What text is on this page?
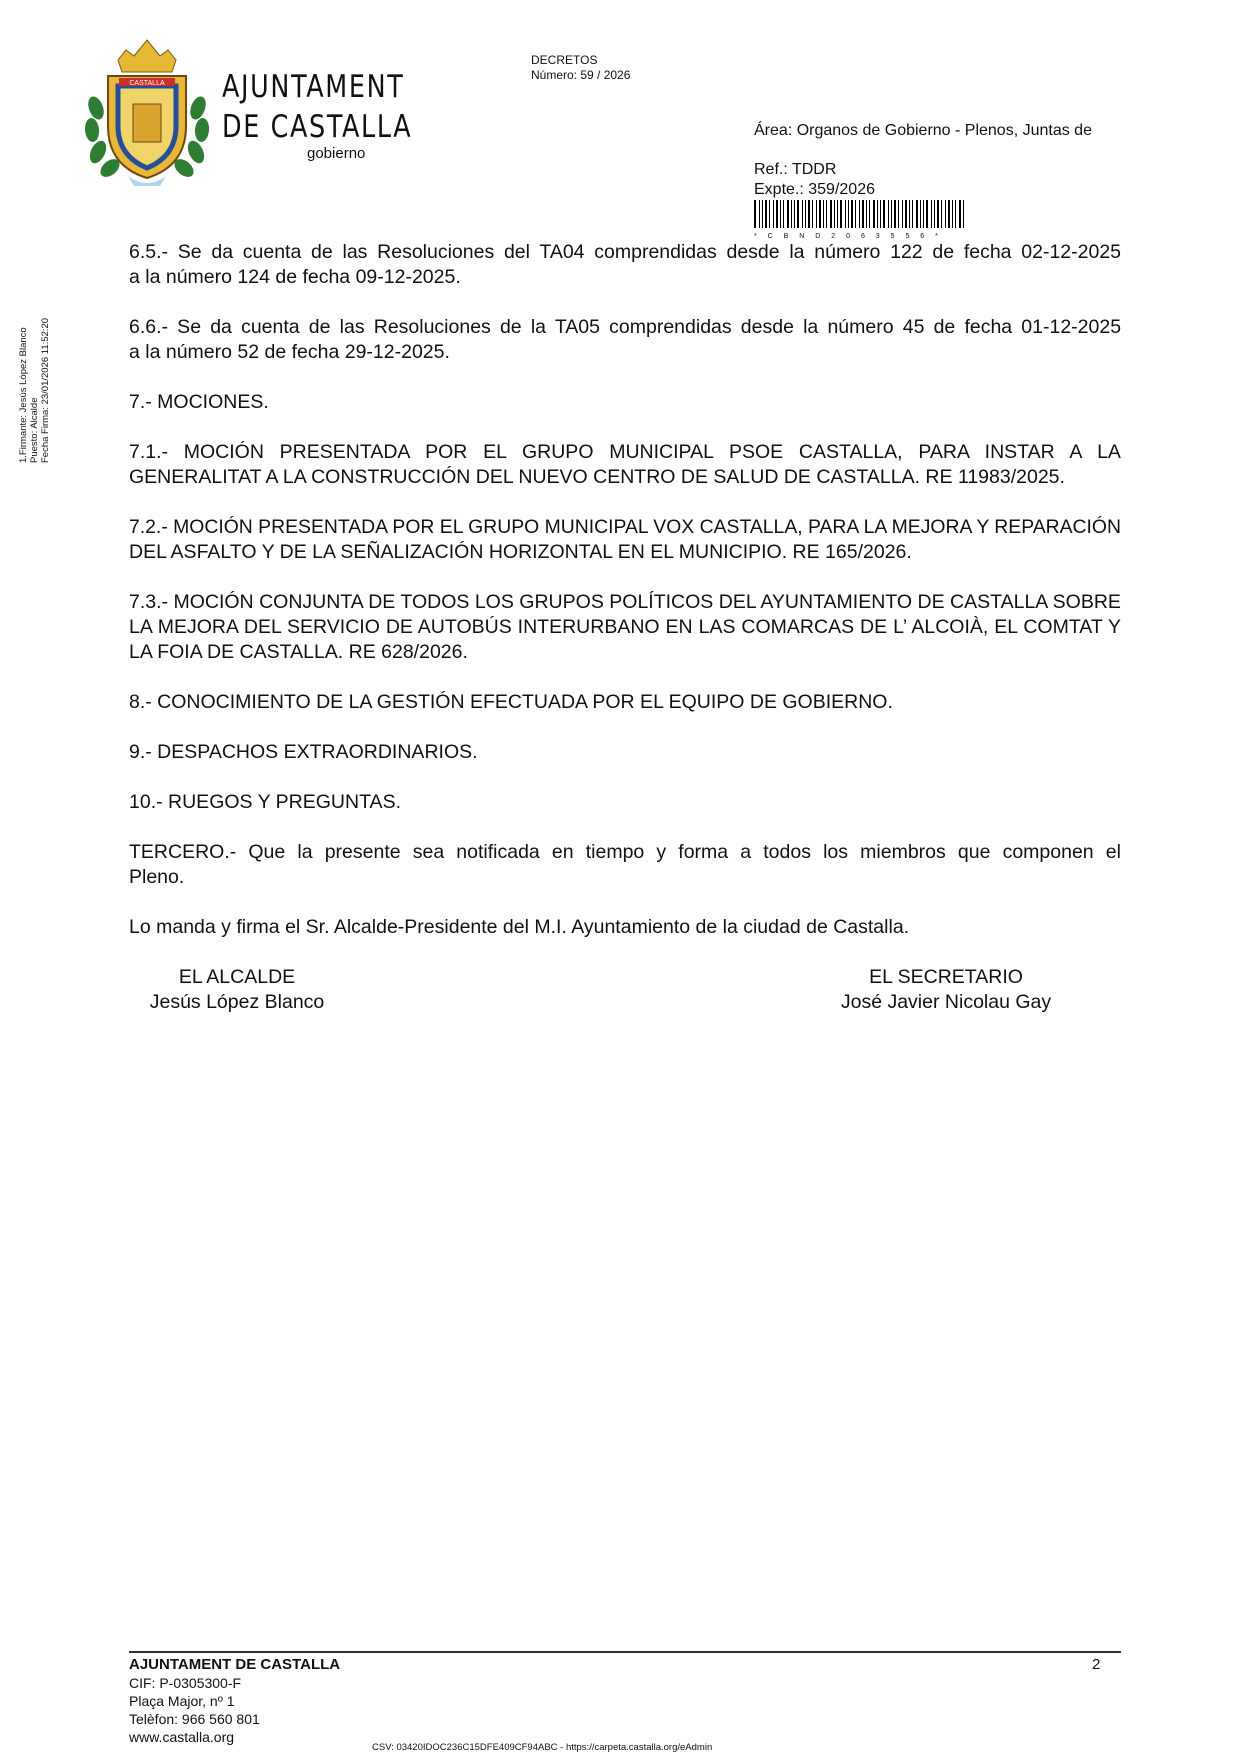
CASTALLA AJUNTAMENT
DE CASTALLA
gobierno
DECRETOS
Número: 59 / 2026
Área: Organos de Gobierno - Plenos, Juntas de
Ref.: TDDR
Expte.: 359/2026
* C B N D 2 0 6 3 5 5 6 *
1.Firmante: Jesús López Blanco Puesto: Alcalde Fecha Firma: 23/01/2026 11:52:20
6.5.- Se da cuenta de las Resoluciones del TA04 comprendidas desde la número 122 de fecha 02-12-2025
a la número 124 de fecha 09-12-2025.
6.6.- Se da cuenta de las Resoluciones de la TA05 comprendidas desde la número 45 de fecha 01-12-2025
a la número 52 de fecha 29-12-2025.
7.- MOCIONES.
7.1.- MOCIÓN PRESENTADA POR EL GRUPO MUNICIPAL PSOE CASTALLA, PARA INSTAR A LA
GENERALITAT A LA CONSTRUCCIÓN DEL NUEVO CENTRO DE SALUD DE CASTALLA. RE 11983/2025.
7.2.- MOCIÓN PRESENTADA POR EL GRUPO MUNICIPAL VOX CASTALLA, PARA LA MEJORA Y REPARACIÓN
DEL ASFALTO Y DE LA SEÑALIZACIÓN HORIZONTAL EN EL MUNICIPIO. RE 165/2026.
7.3.- MOCIÓN CONJUNTA DE TODOS LOS GRUPOS POLÍTICOS DEL AYUNTAMIENTO DE CASTALLA SOBRE
LA MEJORA DEL SERVICIO DE AUTOBÚS INTERURBANO EN LAS COMARCAS DE L’ ALCOIÀ, EL COMTAT Y
LA FOIA DE CASTALLA. RE 628/2026.
8.- CONOCIMIENTO DE LA GESTIÓN EFECTUADA POR EL EQUIPO DE GOBIERNO.
9.- DESPACHOS EXTRAORDINARIOS.
10.- RUEGOS Y PREGUNTAS.
TERCERO.- Que la presente sea notificada en tiempo y forma a todos los miembros que componen el
Pleno.
Lo manda y firma el Sr. Alcalde-Presidente del M.I. Ayuntamiento de la ciudad de Castalla.
EL ALCALDE
Jesús López Blanco
EL SECRETARIO
José Javier Nicolau Gay
AJUNTAMENT DE CASTALLA
CIF: P-0305300-F
Plaça Major, nº 1
Telèfon: 966 560 801
www.castalla.org
2
CSV: 03420IDOC236C15DFE409CF94ABC - https://carpeta.castalla.org/eAdmin
